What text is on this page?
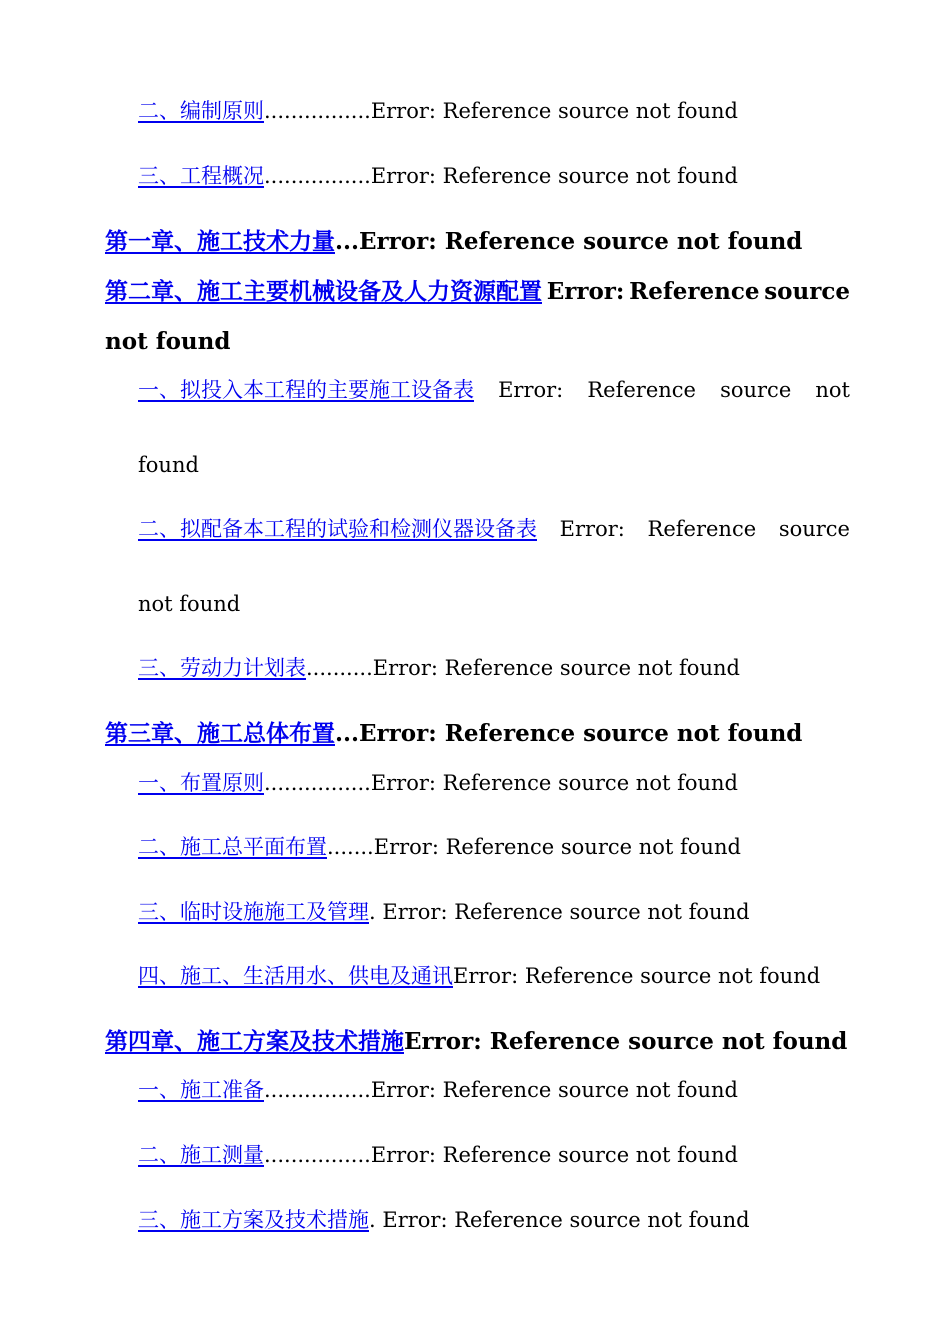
二、编制原则................Error: Reference source not found
三、工程概况................Error: Reference source not found
第一章、施工技术力量...Error: Reference source not found
第二章、施工主要机械设备及人力资源配置 Error: Reference source
not found
一、拟投入本工程的主要施工设备表 Error: Reference source not
found
二、拟配备本工程的试验和检测仪器设备表 Error: Reference source
not found
三、劳动力计划表..........Error: Reference source not found
第三章、施工总体布置...Error: Reference source not found
一、布置原则................Error: Reference source not found
二、施工总平面布置.......Error: Reference source not found
三、临时设施施工及管理. Error: Reference source not found
四、施工、生活用水、供电及通讯Error: Reference source not found
第四章、施工方案及技术措施Error: Reference source not found
一、施工准备................Error: Reference source not found
二、施工测量................Error: Reference source not found
三、施工方案及技术措施. Error: Reference source not found
